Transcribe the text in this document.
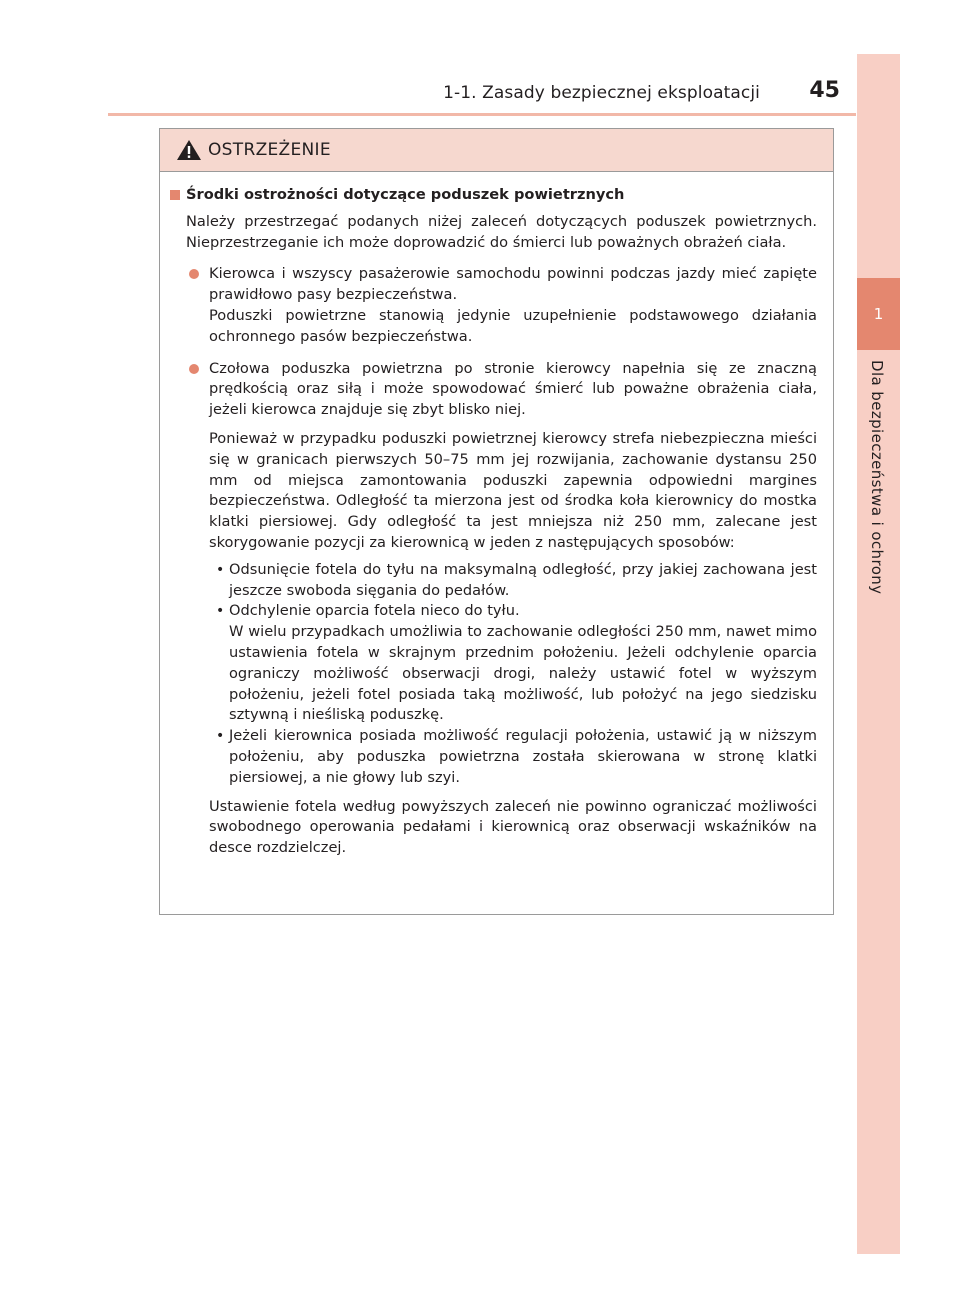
1-1. Zasady bezpiecznej eksploatacji	45
1
Dla bezpieczeństwa i ochrony
OSTRZEŻENIE
Środki ostrożności dotyczące poduszek powietrznych
Należy przestrzegać podanych niżej zaleceń dotyczących poduszek powietrznych. Nieprzestrzeganie ich może doprowadzić do śmierci lub poważnych obrażeń ciała.
Kierowca i wszyscy pasażerowie samochodu powinni podczas jazdy mieć zapięte prawidłowo pasy bezpieczeństwa.
Poduszki powietrzne stanowią jedynie uzupełnienie podstawowego działania ochronnego pasów bezpieczeństwa.
Czołowa poduszka powietrzna po stronie kierowcy napełnia się ze znaczną prędkością oraz siłą i może spowodować śmierć lub poważne obrażenia ciała, jeżeli kierowca znajduje się zbyt blisko niej.
Ponieważ w przypadku poduszki powietrznej kierowcy strefa niebezpieczna mieści się w granicach pierwszych 50–75 mm jej rozwijania, zachowanie dystansu 250 mm od miejsca zamontowania poduszki zapewnia odpowiedni margines bezpieczeństwa. Odległość ta mierzona jest od środka koła kierownicy do mostka klatki piersiowej. Gdy odległość ta jest mniejsza niż 250 mm, zalecane jest skorygowanie pozycji za kierownicą w jeden z następujących sposobów:
• Odsunięcie fotela do tyłu na maksymalną odległość, przy jakiej zachowana jest jeszcze swoboda sięgania do pedałów.
• Odchylenie oparcia fotela nieco do tyłu.
W wielu przypadkach umożliwia to zachowanie odległości 250 mm, nawet mimo ustawienia fotela w skrajnym przednim położeniu. Jeżeli odchylenie oparcia ograniczy możliwość obserwacji drogi, należy ustawić fotel w wyższym położeniu, jeżeli fotel posiada taką możliwość, lub położyć na jego siedzisku sztywną i nieśliską poduszkę.
• Jeżeli kierownica posiada możliwość regulacji położenia, ustawić ją w niższym położeniu, aby poduszka powietrzna została skierowana w stronę klatki piersiowej, a nie głowy lub szyi.
Ustawienie fotela według powyższych zaleceń nie powinno ograniczać możliwości swobodnego operowania pedałami i kierownicą oraz obserwacji wskaźników na desce rozdzielczej.
